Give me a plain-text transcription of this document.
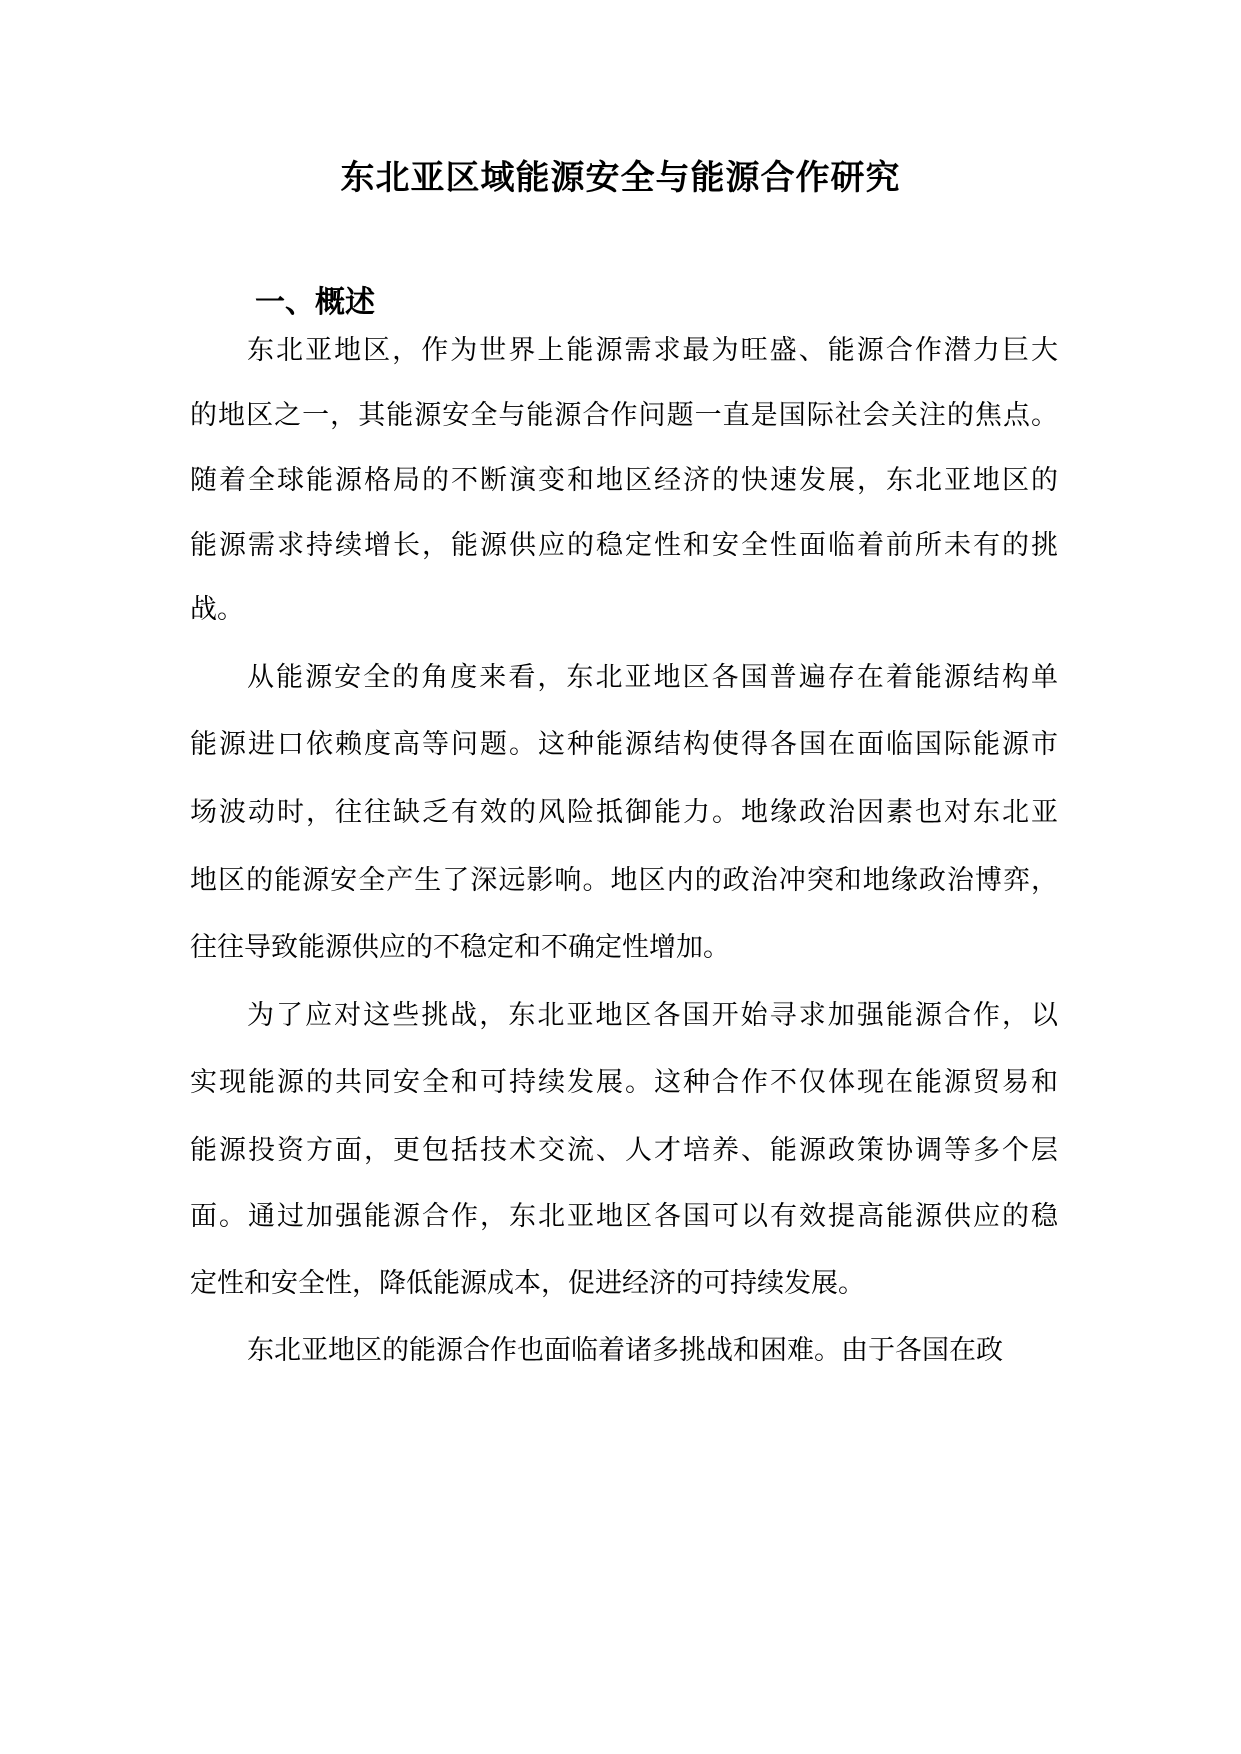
东北亚区域能源安全与能源合作研究
一、概述
东北亚地区，作为世界上能源需求最为旺盛、能源合作潜力巨大
的地区之一，其能源安全与能源合作问题一直是国际社会关注的焦点。
随着全球能源格局的不断演变和地区经济的快速发展，东北亚地区的
能源需求持续增长，能源供应的稳定性和安全性面临着前所未有的挑
战。
从能源安全的角度来看，东北亚地区各国普遍存在着能源结构单
能源进口依赖度高等问题。这种能源结构使得各国在面临国际能源市
场波动时，往往缺乏有效的风险抵御能力。地缘政治因素也对东北亚
地区的能源安全产生了深远影响。地区内的政治冲突和地缘政治博弈，
往往导致能源供应的不稳定和不确定性增加。
为了应对这些挑战，东北亚地区各国开始寻求加强能源合作，以
实现能源的共同安全和可持续发展。这种合作不仅体现在能源贸易和
能源投资方面，更包括技术交流、人才培养、能源政策协调等多个层
面。通过加强能源合作，东北亚地区各国可以有效提高能源供应的稳
定性和安全性，降低能源成本，促进经济的可持续发展。
东北亚地区的能源合作也面临着诸多挑战和困难。由于各国在政
